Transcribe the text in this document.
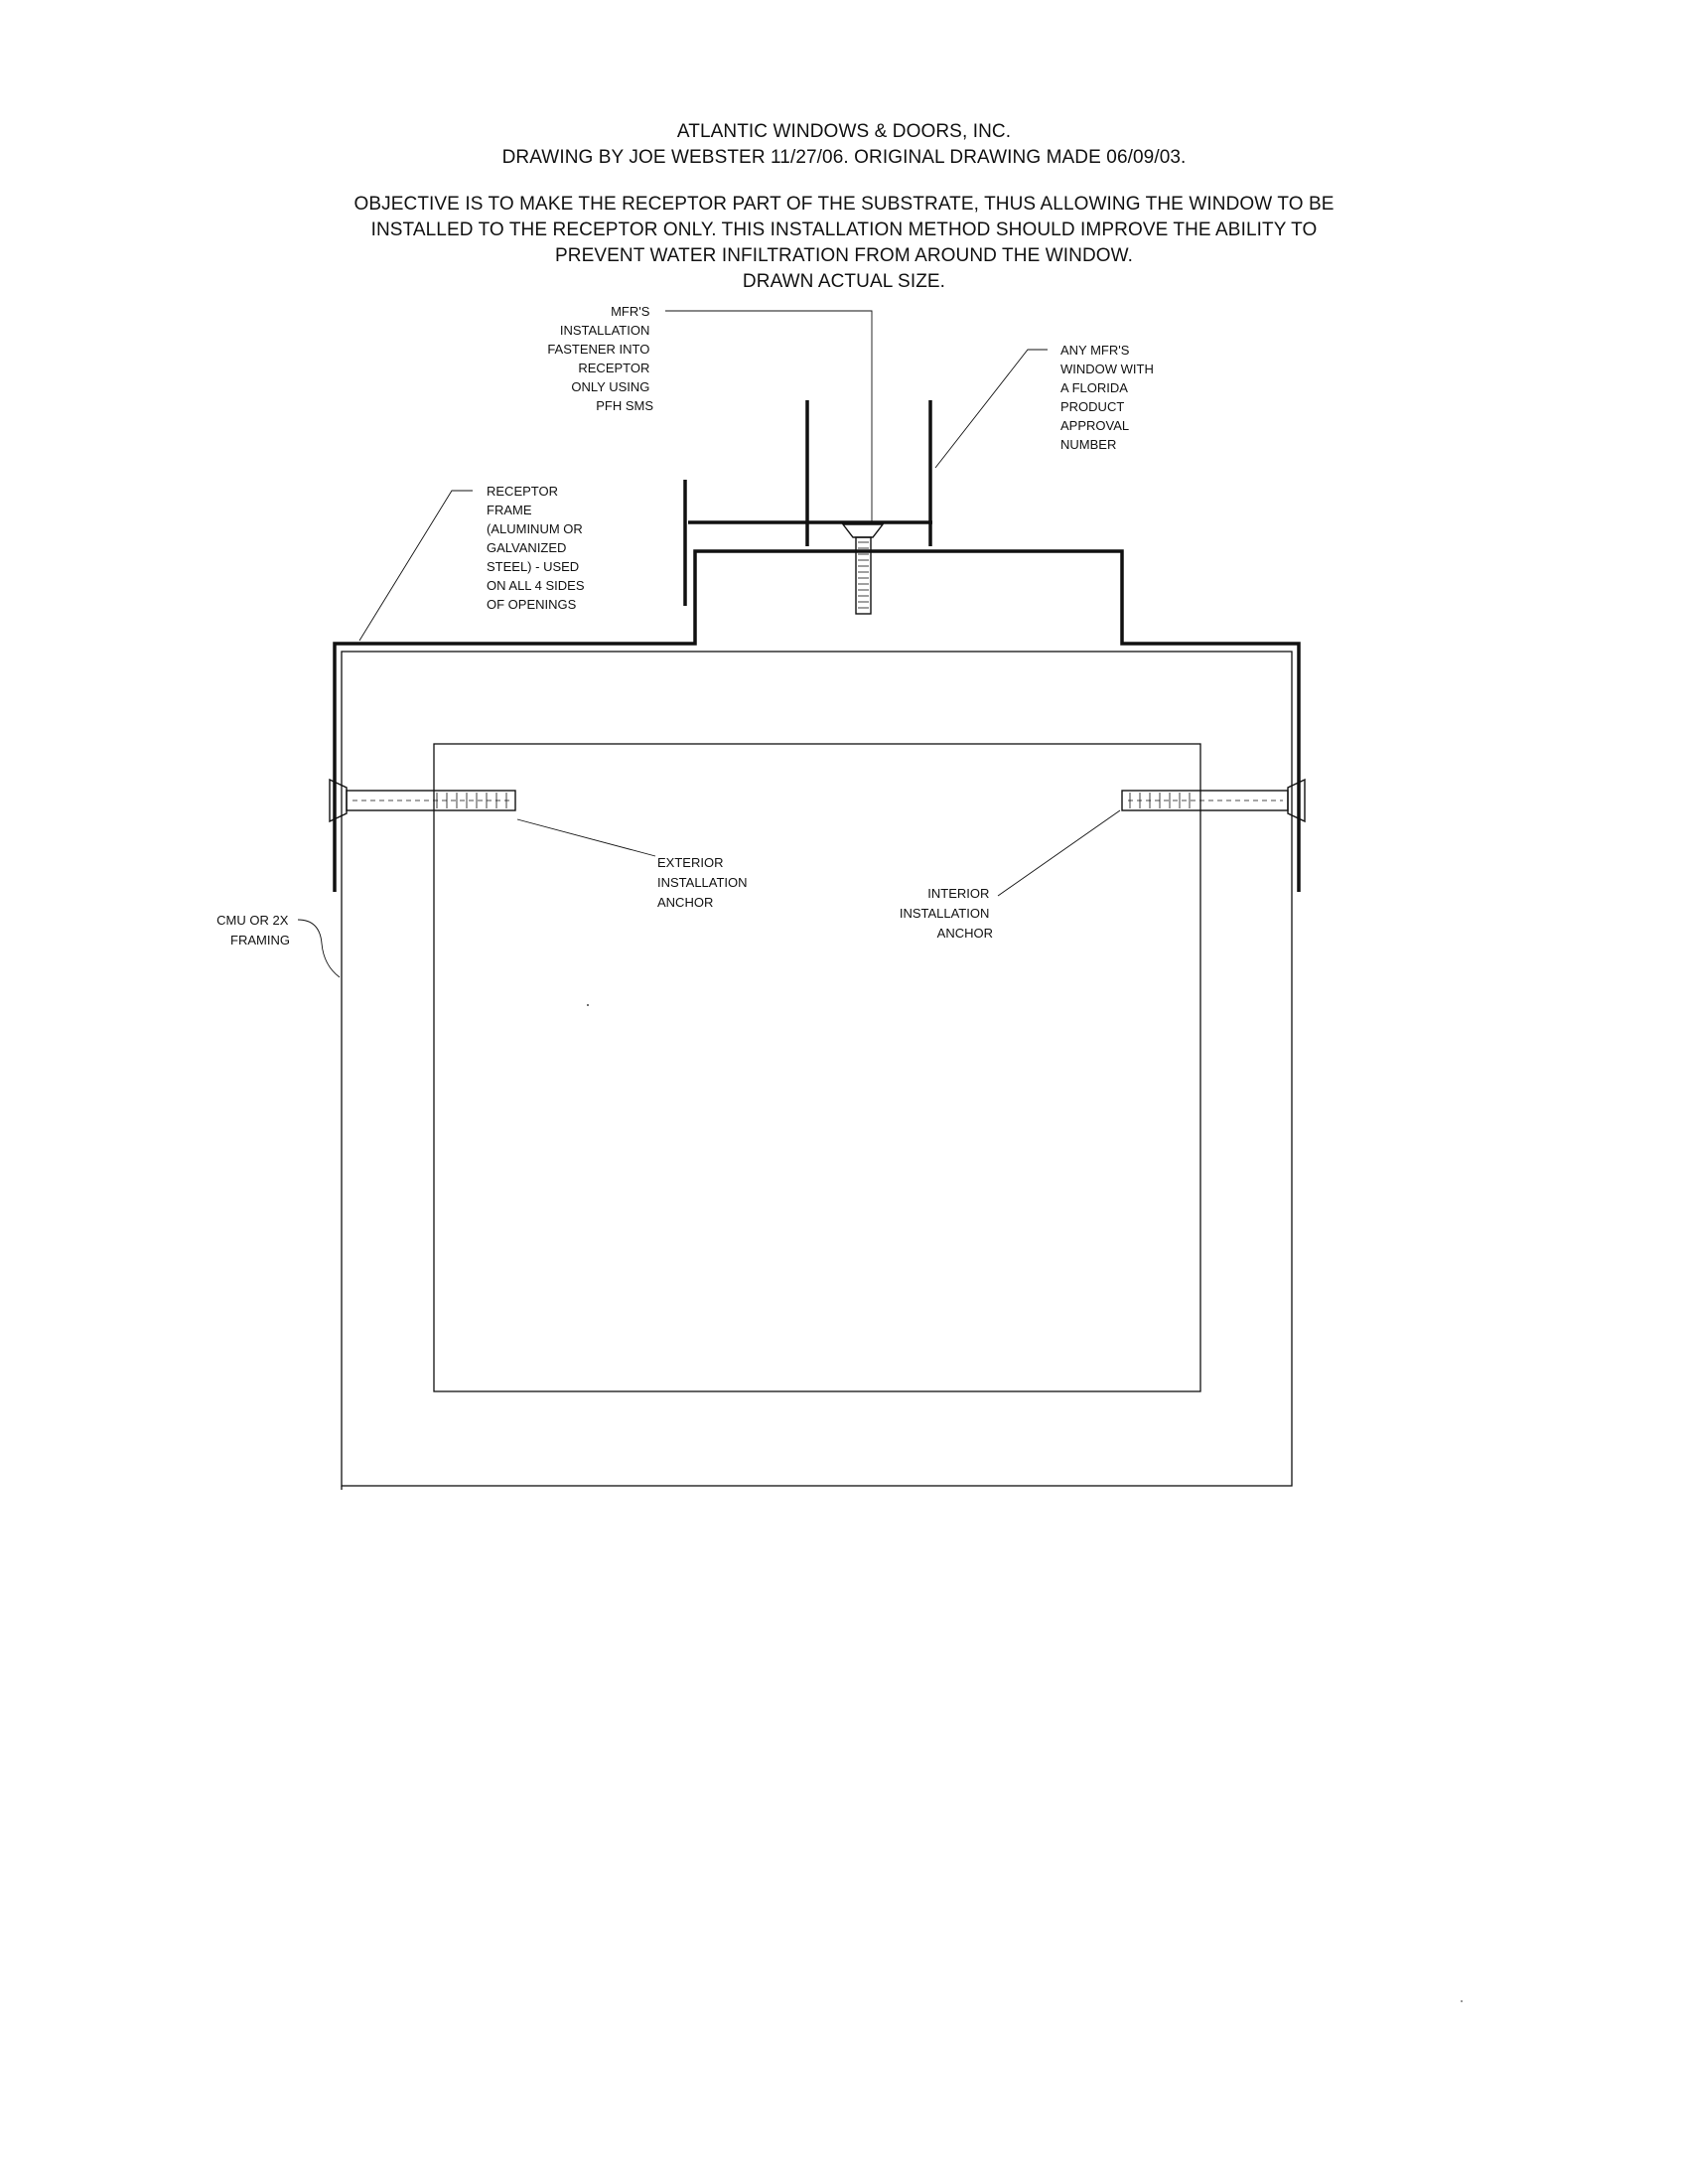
ATLANTIC WINDOWS & DOORS, INC.
DRAWING BY JOE WEBSTER 11/27/06. ORIGINAL DRAWING MADE 06/09/03.
OBJECTIVE IS TO MAKE THE RECEPTOR PART OF THE SUBSTRATE, THUS ALLOWING THE WINDOW TO BE
INSTALLED TO THE RECEPTOR ONLY. THIS INSTALLATION METHOD SHOULD IMPROVE THE ABILITY TO
PREVENT WATER INFILTRATION FROM AROUND THE WINDOW.
DRAWN ACTUAL SIZE.
MFR'S INSTALLATION FASTENER INTO RECEPTOR ONLY USING PFH SMS
ANY MFR'S WINDOW WITH A FLORIDA PRODUCT APPROVAL NUMBER
RECEPTOR FRAME (ALUMINUM OR GALVANIZED STEEL) - USED ON ALL 4 SIDES OF OPENINGS
EXTERIOR INSTALLATION ANCHOR
INTERIOR INSTALLATION ANCHOR
CMU OR 2X FRAMING
